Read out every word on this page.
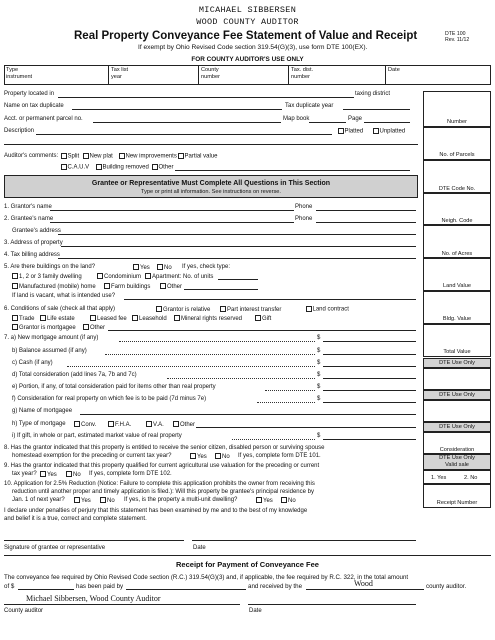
MICAHAEL SIBBERSEN
WOOD COUNTY AUDITOR
Real Property Conveyance Fee Statement of Value and Receipt
If exempt by Ohio Revised Code section 319.54(G)(3), use form DTE 100(EX).
DTE 100
Rev. 11/12
FOR COUNTY AUDITOR'S USE ONLY
Type
instrument
Tax list
year
County
number
Tax. dist.
number
Date
Number
No. of Parcels
DTE Code No.
Neigh. Code
No. of Acres
Land Value
Bldg. Value
Total Value
DTE Use Only
DTE Use Only
DTE Use Only
Consideration
DTE Use Only
Valid sale
1. Yes	2. No
Receipt Number
Property located in	taxing district
Name on tax duplicate	Tax duplicate year
Acct. or permanent parcel no.	Map book	Page
Description	Platted	Unplatted
Auditor's comments:	Split	New plat	New improvements	Partial value
C.A.U.V	Building removed	Other
Grantee or Representative Must Complete All Questions in This Section
Type or print all information. See instructions on reverse.
1. Grantor's name	Phone
2. Grantee's name	Phone
Grantee's address
3. Address of property
4. Tax billing address
5. Are there buildings on the land?	Yes	No If yes, check type:
1, 2 or 3 family dwelling	Condominium	Apartment: No. of units
Manufactured (mobile) home	Farm buildings	Other
If land is vacant, what is intended use?
6. Conditions of sale (check all that apply)	Grantor is relative	Part interest transfer	Land contract
Trade	Life estate	Leased fee	Leasehold	Mineral rights reserved	Gift
Grantor is mortgagee	Other
7. a) New mortgage amount (if any)	$
b) Balance assumed (if any)	$
c) Cash (if any)	$
d) Total consideration (add lines 7a, 7b and 7c)	$
e) Portion, if any, of total consideration paid for items other than real property	$
f) Consideration for real property on which fee is to be paid (7d minus 7e)	$
g) Name of mortgagee
h) Type of mortgage	Conv.	F.H.A.	V.A.	Other
i) If gift, in whole or part, estimated market value of real property	$
8. Has the grantor indicated that this property is entitled to receive the senior citizen, disabled person or surviving spouse
homestead exemption for the preceding or current tax year?	Yes	No If yes, complete form DTE 101.
9. Has the grantor indicated that this property qualified for current agricultural use valuation for the preceding or current
tax year?	Yes	No If yes, complete form DTE 102.
10. Application for 2.5% Reduction (Notice: Failure to complete this application prohibits the owner from receiving this
reduction until another proper and timely application is filed.): Will this property be grantee's principal residence by
Jan. 1 of next year?	Yes	No If yes, is the property a multi-unit dwelling?	Yes	No
I declare under penalties of perjury that this statement has been examined by me and to the best of my knowledge
and belief it is a true, correct and complete statement.
Signature of grantee or representative	Date
Receipt for Payment of Conveyance Fee
The conveyance fee required by Ohio Revised Code section (R.C.) 319.54(G)(3) and, if applicable, the fee required by R.C. 322, in the total amount
of $	has been paid by	and received by the	Wood	county auditor.
Michael Sibbersen, Wood County Auditor
County auditor	Date
